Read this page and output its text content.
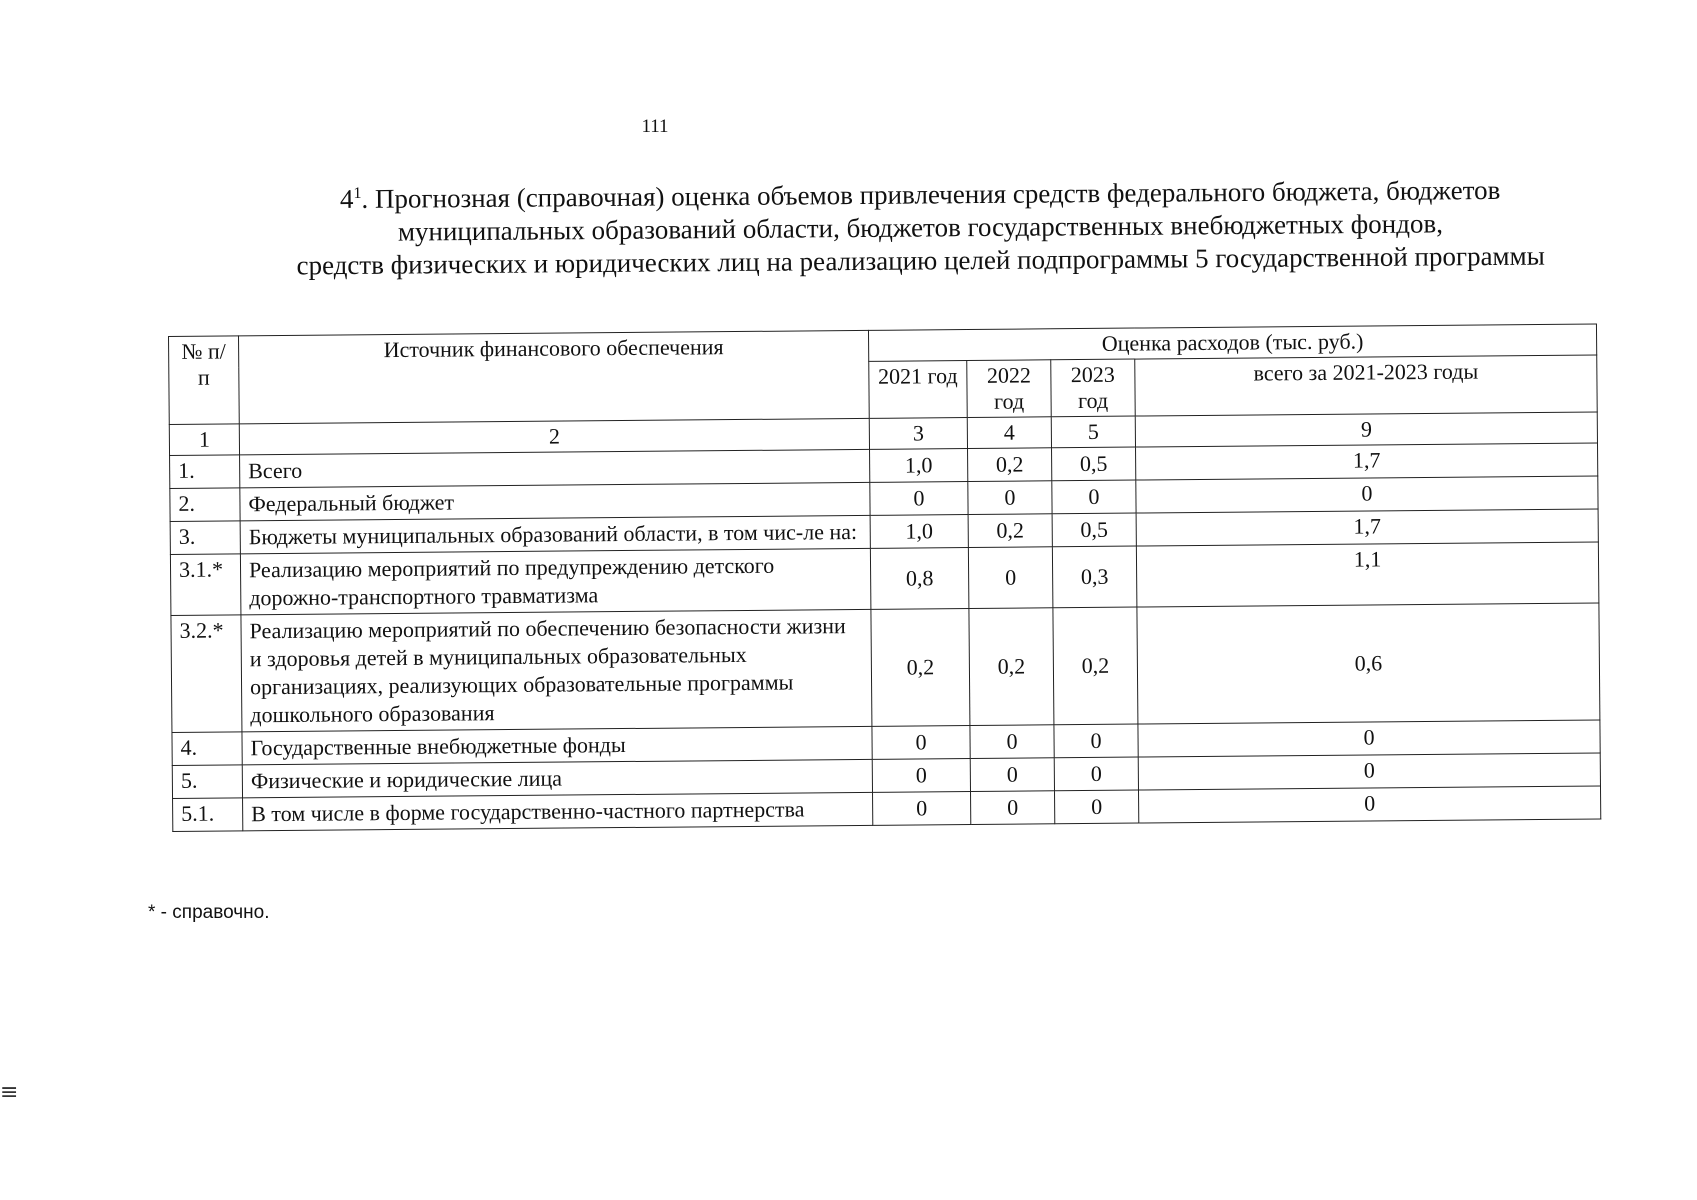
111
$4^1$. Прогнозная (справочная) оценка объемов привлечения средств федерального бюджета, бюджетов
муниципальных образований области, бюджетов государственных внебюджетных фондов,
средств физических и юридических лиц на реализацию целей подпрограммы 5 государственной программы
№ п/п	Источник финансового обеспечения	Оценка расходов (тыс. руб.)			
		2021 год	2022 год	2023 год	всего за 2021-2023 годы
1	2	3	4	5	9
1.	Всего	1,0	0,2	0,5	1,7
2.	Федеральный бюджет	0	0	0	0
3.	Бюджеты муниципальных образований области, в том чис-ле на:	1,0	0,2	0,5	1,7
3.1.*	Реализацию мероприятий по предупреждению детского дорожно-транспортного травматизма	0,8	0	0,3	1,1
3.2.*	Реализацию мероприятий по обеспечению безопасности жизни и здоровья детей в муниципальных образовательных организациях, реализующих образовательные программы дошкольного образования	0,2	0,2	0,2	0,6
4.	Государственные внебюджетные фонды	0	0	0	0
5.	Физические и юридические лица	0	0	0	0
5.1.	В том числе в форме государственно-частного партнерства	0	0	0	0
* - справочно.
≡
